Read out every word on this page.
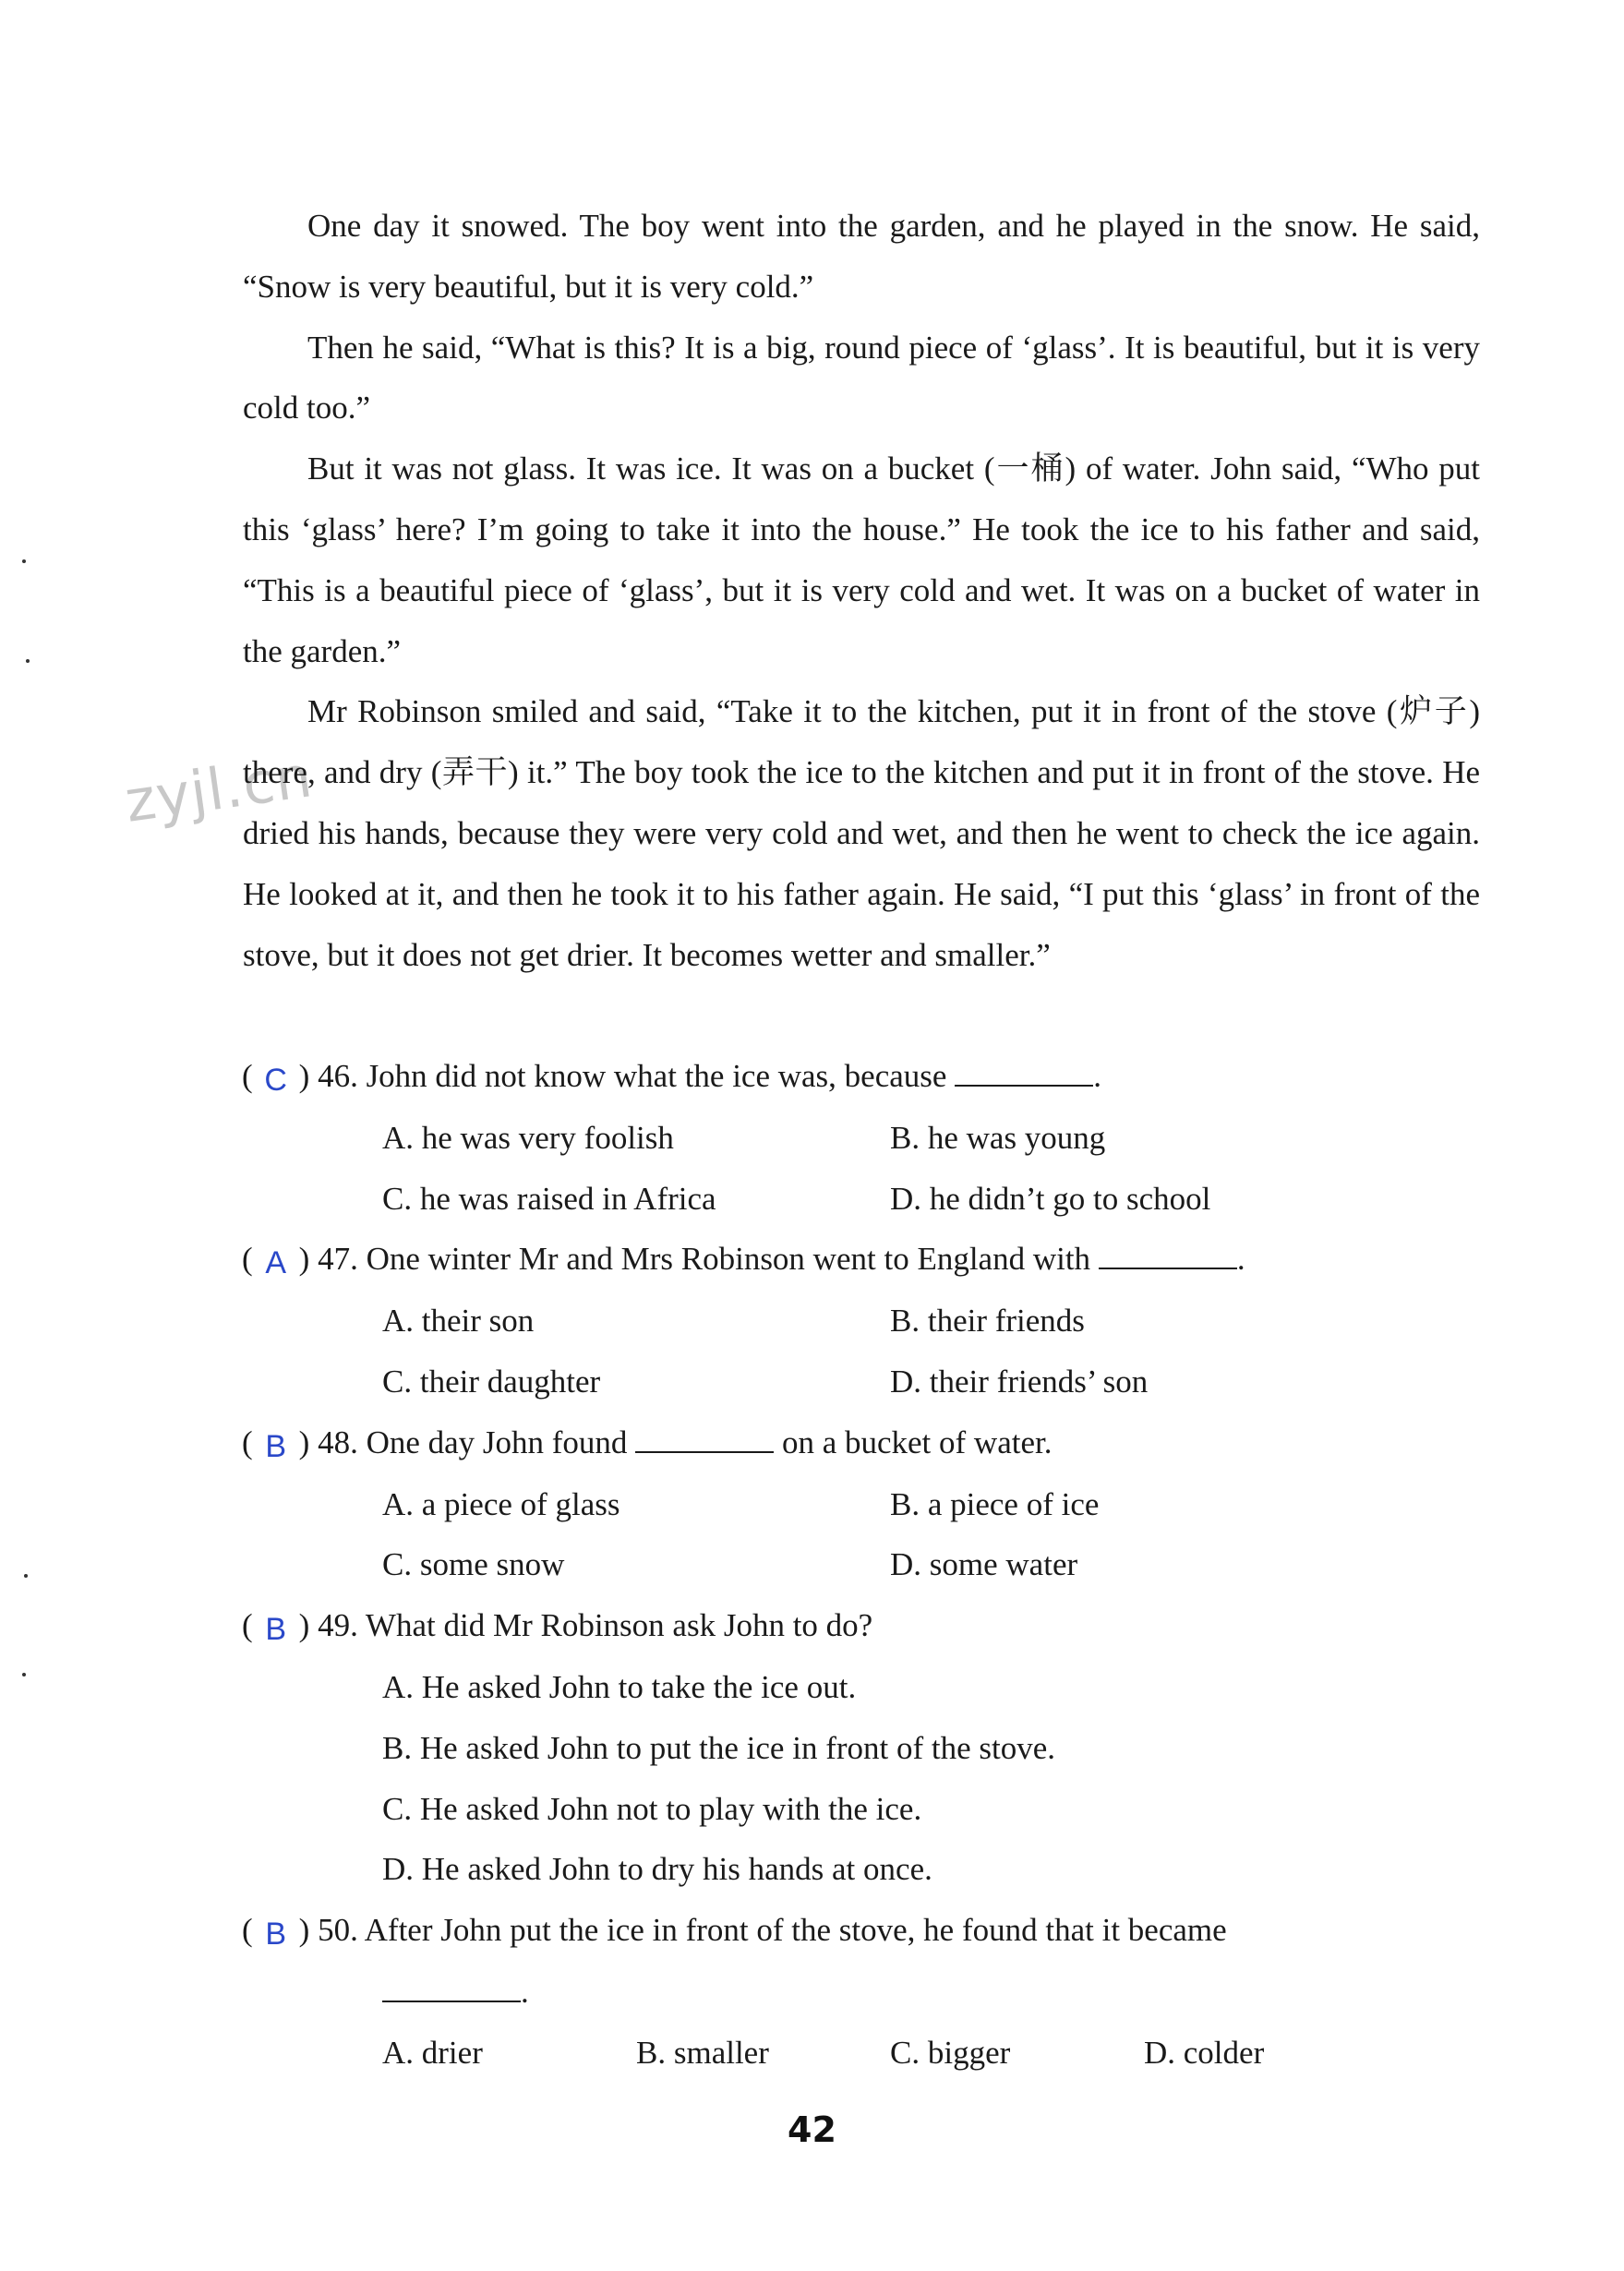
zyjl.cn

One day it snowed. The boy went into the garden, and he played in the snow. He said, “Snow is very beautiful, but it is very cold.”

Then he said, “What is this? It is a big, round piece of ‘glass’. It is beautiful, but it is very cold too.”

But it was not glass. It was ice. It was on a bucket (一桶) of water. John said, “Who put this ‘glass’ here? I’m going to take it into the house.” He took the ice to his father and said, “This is a beautiful piece of ‘glass’, but it is very cold and wet. It was on a bucket of water in the garden.”

Mr Robinson smiled and said, “Take it to the kitchen, put it in front of the stove (炉子) there, and dry (弄干) it.” The boy took the ice to the kitchen and put it in front of the stove. He dried his hands, because they were very cold and wet, and then he went to check the ice again. He looked at it, and then he took it to his father again. He said, “I put this ‘glass’ in front of the stove, but it does not get drier. It becomes wetter and smaller.”

( C ) 46. John did not know what the ice was, because	.
A. he was very foolish	B. he was young
C. he was raised in Africa	D. he didn’t go to school
( A ) 47. One winter Mr and Mrs Robinson went to England with	.
A. their son	B. their friends
C. their daughter	D. their friends’ son
( B ) 48. One day John found	on a bucket of water.
A. a piece of glass	B. a piece of ice
C. some snow	D. some water
( B ) 49. What did Mr Robinson ask John to do?
A. He asked John to take the ice out.
B. He asked John to put the ice in front of the stove.
C. He asked John not to play with the ice.
D. He asked John to dry his hands at once.
( B ) 50. After John put the ice in front of the stove, he found that it became
.
A. drier	B. smaller	C. bigger	D. colder
42
